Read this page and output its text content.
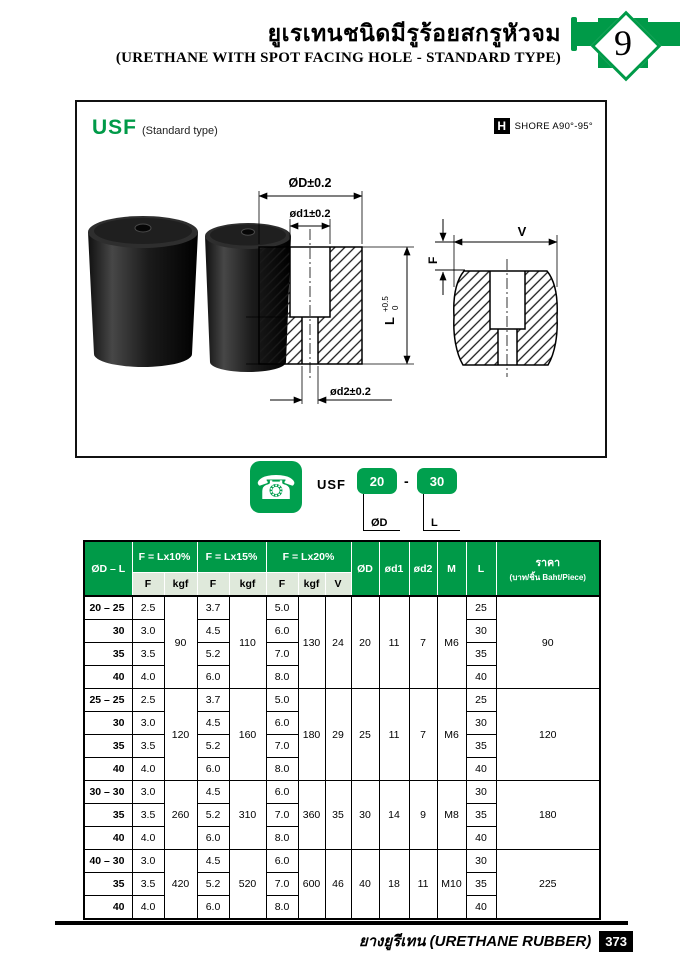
ยูเรเทนชนิดมีรูร้อยสกรูหัวจม
(URETHANE WITH SPOT FACING HOLE - STANDARD TYPE)	9
USF (Standard type)	H SHORE A90°-95°
ØD±0.2
ød1±0.2
L
+0.5 0
ød2±0.2
V
F
☎	USF	20	-	30
ØD	L
ØD – L	F = Lx10%		F = Lx15%		F = Lx20%			ØD	ød1	ød2	M	L	ราคา
(บาท/ชิ้น Baht/Piece)

	F	kgf	F	kgf	F	kgf	V						
20 – 25	2.5	90	3.7	110	5.0	130	24	20	11	7	M6	25	90
30	3.0		4.5		6.0							30	
35	3.5		5.2		7.0							35	
40	4.0		6.0		8.0							40	
25 – 25	2.5	120	3.7	160	5.0	180	29	25	11	7	M6	25	120
30	3.0		4.5		6.0							30	
35	3.5		5.2		7.0							35	
40	4.0		6.0		8.0							40	
30 – 30	3.0	260	4.5	310	6.0	360	35	30	14	9	M8	30	180
35	3.5		5.2		7.0							35	
40	4.0		6.0		8.0							40	
40 – 30	3.0	420	4.5	520	6.0	600	46	40	18	11	M10	30	225
35	3.5		5.2		7.0							35	
40	4.0		6.0		8.0							40	
ยางยูรีเทน (URETHANE RUBBER)	373
